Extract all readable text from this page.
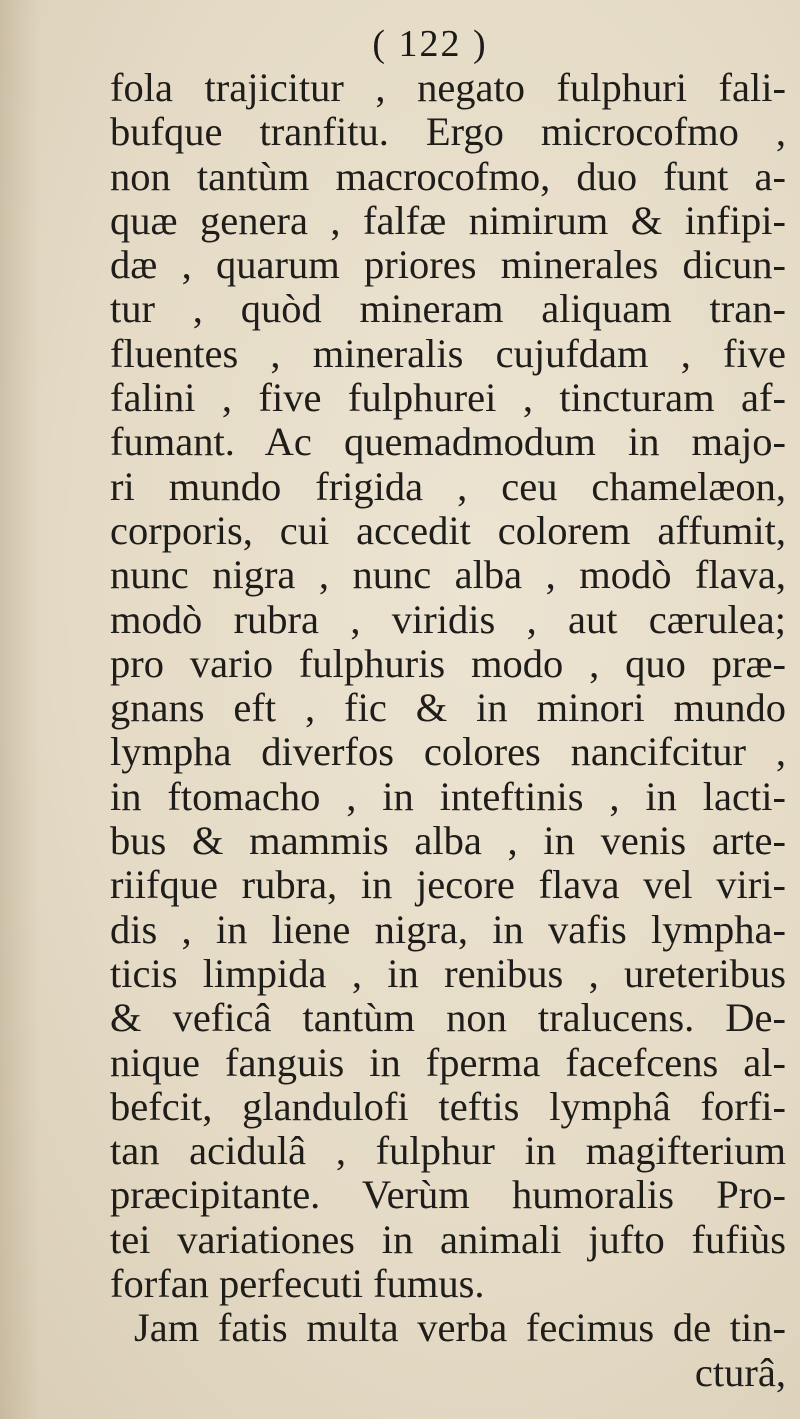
( 122 )
fola trajicitur , negato fulphuri fali-
bufque tranfitu. Ergo microcofmo ,
non tantùm macrocofmo, duo funt a-
quæ genera , falfæ nimirum & infipi-
dæ , quarum priores minerales dicun-
tur , quòd mineram aliquam tran-
fluentes , mineralis cujufdam , five
falini , five fulphurei , tincturam af-
fumant. Ac quemadmodum in majo-
ri mundo frigida , ceu chamelæon,
corporis, cui accedit colorem affumit,
nunc nigra , nunc alba , modò flava,
modò rubra , viridis , aut cærulea;
pro vario fulphuris modo , quo præ-
gnans eft , fic & in minori mundo
lympha diverfos colores nancifcitur ,
in ftomacho , in inteftinis , in lacti-
bus & mammis alba , in venis arte-
riifque rubra, in jecore flava vel viri-
dis , in liene nigra, in vafis lympha-
ticis limpida , in renibus , ureteribus
& veficâ tantùm non tralucens. De-
nique fanguis in fperma facefcens al-
befcit, glandulofi teftis lymphâ forfi-
tan acidulâ , fulphur in magifterium
præcipitante. Verùm humoralis Pro-
tei variationes in animali jufto fufiùs
forfan perfecuti fumus.
Jam fatis multa verba fecimus de tin-
cturâ,
